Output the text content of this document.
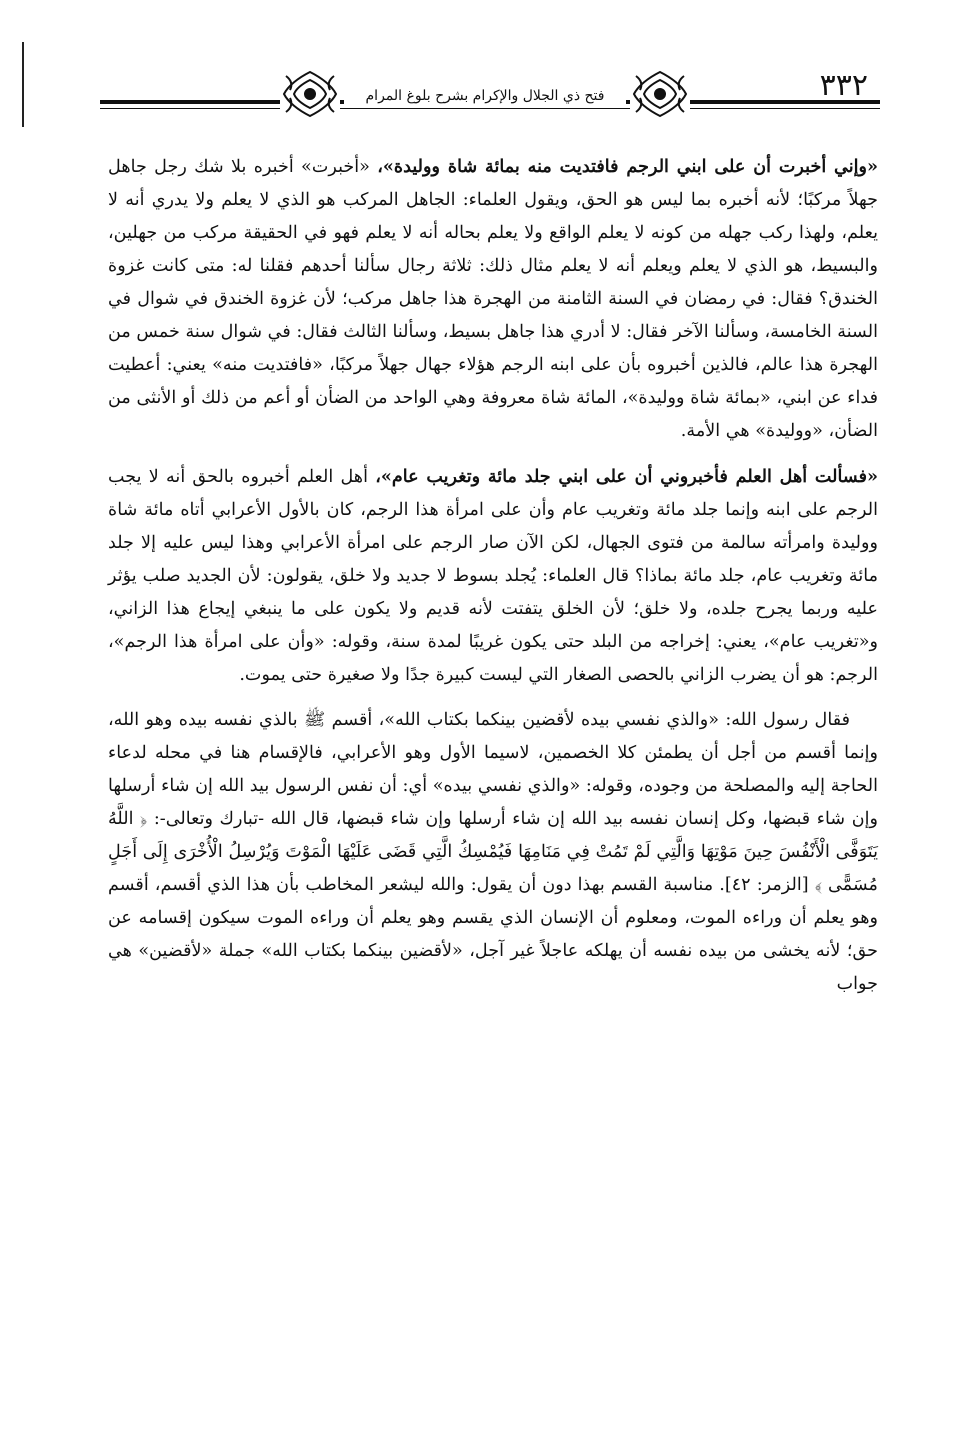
فتح ذي الجلال والإكرام بشرح بلوغ المرام	٣٣٢

«وإني أخبرت أن على ابني الرجم فافتديت منه بمائة شاة ووليدة»، «أخبرت» أخبره بلا شك رجل جاهل جهلاً مركبًا؛ لأنه أخبره بما ليس هو الحق، ويقول العلماء: الجاهل المركب هو الذي لا يعلم ولا يدري أنه لا يعلم، ولهذا ركب جهله من كونه لا يعلم الواقع ولا يعلم بحاله أنه لا يعلم فهو في الحقيقة مركب من جهلين، والبسيط، هو الذي لا يعلم ويعلم أنه لا يعلم مثال ذلك: ثلاثة رجال سألنا أحدهم فقلنا له: متى كانت غزوة الخندق؟ فقال: في رمضان في السنة الثامنة من الهجرة هذا جاهل مركب؛ لأن غزوة الخندق في شوال في السنة الخامسة، وسألنا الآخر فقال: لا أدري هذا جاهل بسيط، وسألنا الثالث فقال: في شوال سنة خمس من الهجرة هذا عالم، فالذين أخبروه بأن على ابنه الرجم هؤلاء جهال جهلاً مركبًا، «فافتديت منه» يعني: أعطيت فداء عن ابني، «بمائة شاة ووليدة»، المائة شاة معروفة وهي الواحد من الضأن أو أعم من ذلك أو الأنثى من الضأن، «ووليدة» هي الأمة.

«فسألت أهل العلم فأخبروني أن على ابني جلد مائة وتغريب عام»، أهل العلم أخبروه بالحق أنه لا يجب الرجم على ابنه وإنما جلد مائة وتغريب عام وأن على امرأة هذا الرجم، كان بالأول الأعرابي أتاه مائة شاة ووليدة وامرأته سالمة من فتوى الجهال، لكن الآن صار الرجم على امرأة الأعرابي وهذا ليس عليه إلا جلد مائة وتغريب عام، جلد مائة بماذا؟ قال العلماء: يُجلد بسوط لا جديد ولا خلق، يقولون: لأن الجديد صلب يؤثر عليه وربما يجرح جلده، ولا خلق؛ لأن الخلق يتفتت لأنه قديم ولا يكون على ما ينبغي إيجاع هذا الزاني، و«تغريب عام»، يعني: إخراجه من البلد حتى يكون غريبًا لمدة سنة، وقوله: «وأن على امرأة هذا الرجم»، الرجم: هو أن يضرب الزاني بالحصى الصغار التي ليست كبيرة جدًا ولا صغيرة حتى يموت.

فقال رسول الله: «والذي نفسي بيده لأقضين بينكما بكتاب الله»، أقسم ﷺ بالذي نفسه بيده وهو الله، وإنما أقسم من أجل أن يطمئن كلا الخصمين، لاسيما الأول وهو الأعرابي، فالإقسام هنا في محله لدعاء الحاجة إليه والمصلحة من وجوده، وقوله: «والذي نفسي بيده» أي: أن نفس الرسول بيد الله إن شاء أرسلها وإن شاء قبضها، وكل إنسان نفسه بيد الله إن شاء أرسلها وإن شاء قبضها، قال الله -تبارك وتعالى-: ﴿ اللَّهُ يَتَوَفَّى الْأَنْفُسَ حِينَ مَوْتِهَا وَالَّتِي لَمْ تَمُتْ فِي مَنَامِهَا فَيُمْسِكُ الَّتِي قَضَى عَلَيْهَا الْمَوْتَ وَيُرْسِلُ الْأُخْرَى إِلَى أَجَلٍ مُسَمًّى ﴾ [الزمر: ٤٢]. مناسبة القسم بهذا دون أن يقول: والله ليشعر المخاطب بأن هذا الذي أقسم، أقسم وهو يعلم أن وراءه الموت، ومعلوم أن الإنسان الذي يقسم وهو يعلم أن وراءه الموت سيكون إقسامه عن حق؛ لأنه يخشى من بيده نفسه أن يهلكه عاجلاً غير آجل، «لأقضين بينكما بكتاب الله» جملة «لأقضين» هي جواب
